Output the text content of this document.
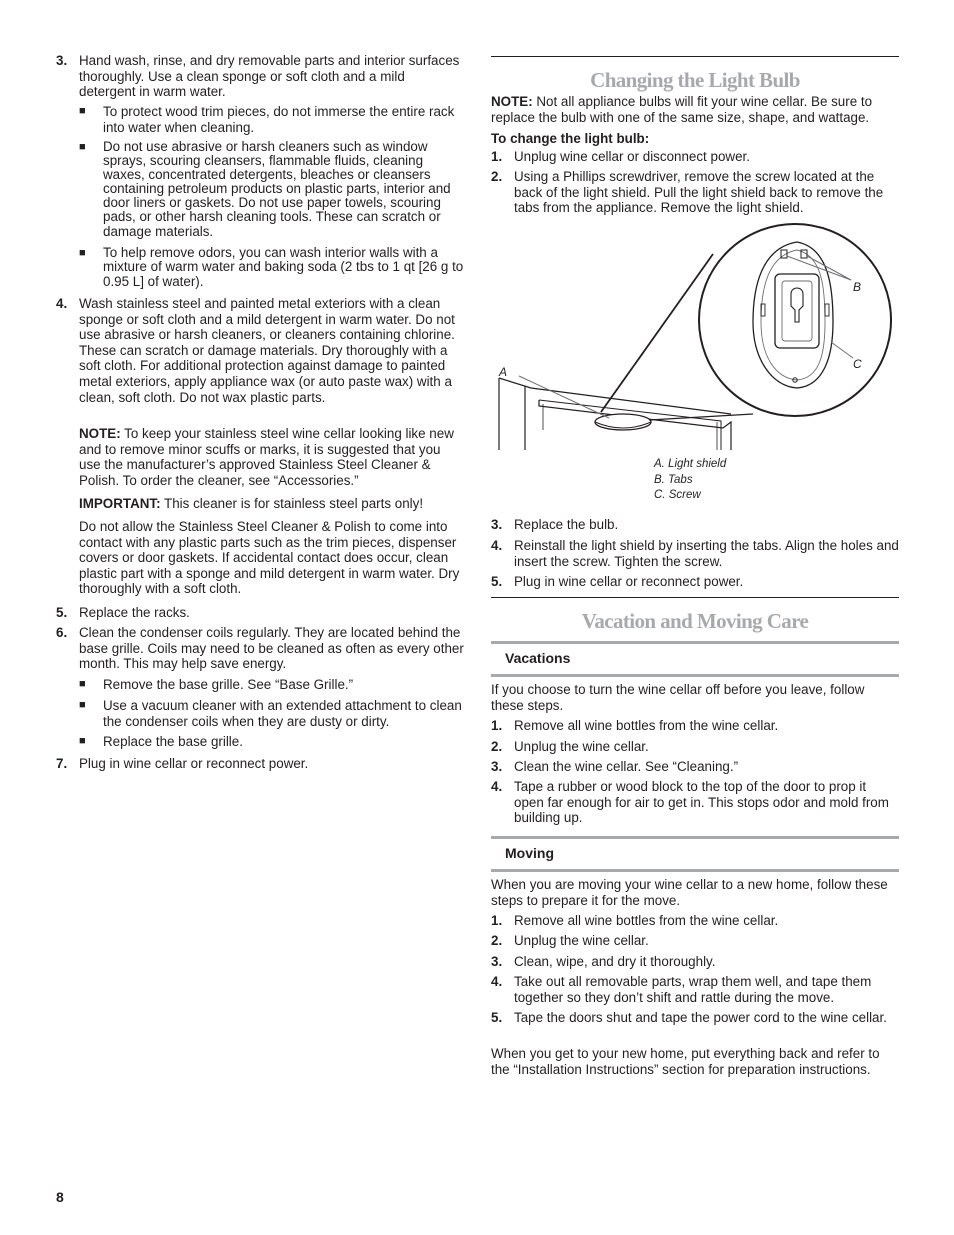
3. Hand wash, rinse, and dry removable parts and interior surfaces thoroughly. Use a clean sponge or soft cloth and a mild detergent in warm water.
■ To protect wood trim pieces, do not immerse the entire rack into water when cleaning.
■ Do not use abrasive or harsh cleaners such as window sprays, scouring cleansers, flammable fluids, cleaning waxes, concentrated detergents, bleaches or cleansers containing petroleum products on plastic parts, interior and door liners or gaskets. Do not use paper towels, scouring pads, or other harsh cleaning tools. These can scratch or damage materials.
■ To help remove odors, you can wash interior walls with a mixture of warm water and baking soda (2 tbs to 1 qt [26 g to 0.95 L] of water).
4. Wash stainless steel and painted metal exteriors with a clean sponge or soft cloth and a mild detergent in warm water. Do not use abrasive or harsh cleaners, or cleaners containing chlorine. These can scratch or damage materials. Dry thoroughly with a soft cloth. For additional protection against damage to painted metal exteriors, apply appliance wax (or auto paste wax) with a clean, soft cloth. Do not wax plastic parts.
NOTE: To keep your stainless steel wine cellar looking like new and to remove minor scuffs or marks, it is suggested that you use the manufacturer’s approved Stainless Steel Cleaner & Polish. To order the cleaner, see “Accessories.”
IMPORTANT: This cleaner is for stainless steel parts only!
Do not allow the Stainless Steel Cleaner & Polish to come into contact with any plastic parts such as the trim pieces, dispenser covers or door gaskets. If accidental contact does occur, clean plastic part with a sponge and mild detergent in warm water. Dry thoroughly with a soft cloth.
5. Replace the racks.
6. Clean the condenser coils regularly. They are located behind the base grille. Coils may need to be cleaned as often as every other month. This may help save energy.
■ Remove the base grille. See “Base Grille.”
■ Use a vacuum cleaner with an extended attachment to clean the condenser coils when they are dusty or dirty.
■ Replace the base grille.
7. Plug in wine cellar or reconnect power.
Changing the Light Bulb
NOTE: Not all appliance bulbs will fit your wine cellar. Be sure to replace the bulb with one of the same size, shape, and wattage.
To change the light bulb:
1. Unplug wine cellar or disconnect power.
2. Using a Phillips screwdriver, remove the screw located at the back of the light shield. Pull the light shield back to remove the tabs from the appliance. Remove the light shield.
A
B
C
A. Light shield
B. Tabs
C. Screw
3. Replace the bulb.
4. Reinstall the light shield by inserting the tabs. Align the holes and insert the screw. Tighten the screw.
5. Plug in wine cellar or reconnect power.
Vacation and Moving Care
Vacations
If you choose to turn the wine cellar off before you leave, follow these steps.
1. Remove all wine bottles from the wine cellar.
2. Unplug the wine cellar.
3. Clean the wine cellar. See “Cleaning.”
4. Tape a rubber or wood block to the top of the door to prop it open far enough for air to get in. This stops odor and mold from building up.
Moving
When you are moving your wine cellar to a new home, follow these steps to prepare it for the move.
1. Remove all wine bottles from the wine cellar.
2. Unplug the wine cellar.
3. Clean, wipe, and dry it thoroughly.
4. Take out all removable parts, wrap them well, and tape them together so they don’t shift and rattle during the move.
5. Tape the doors shut and tape the power cord to the wine cellar.
When you get to your new home, put everything back and refer to the “Installation Instructions” section for preparation instructions.
8
